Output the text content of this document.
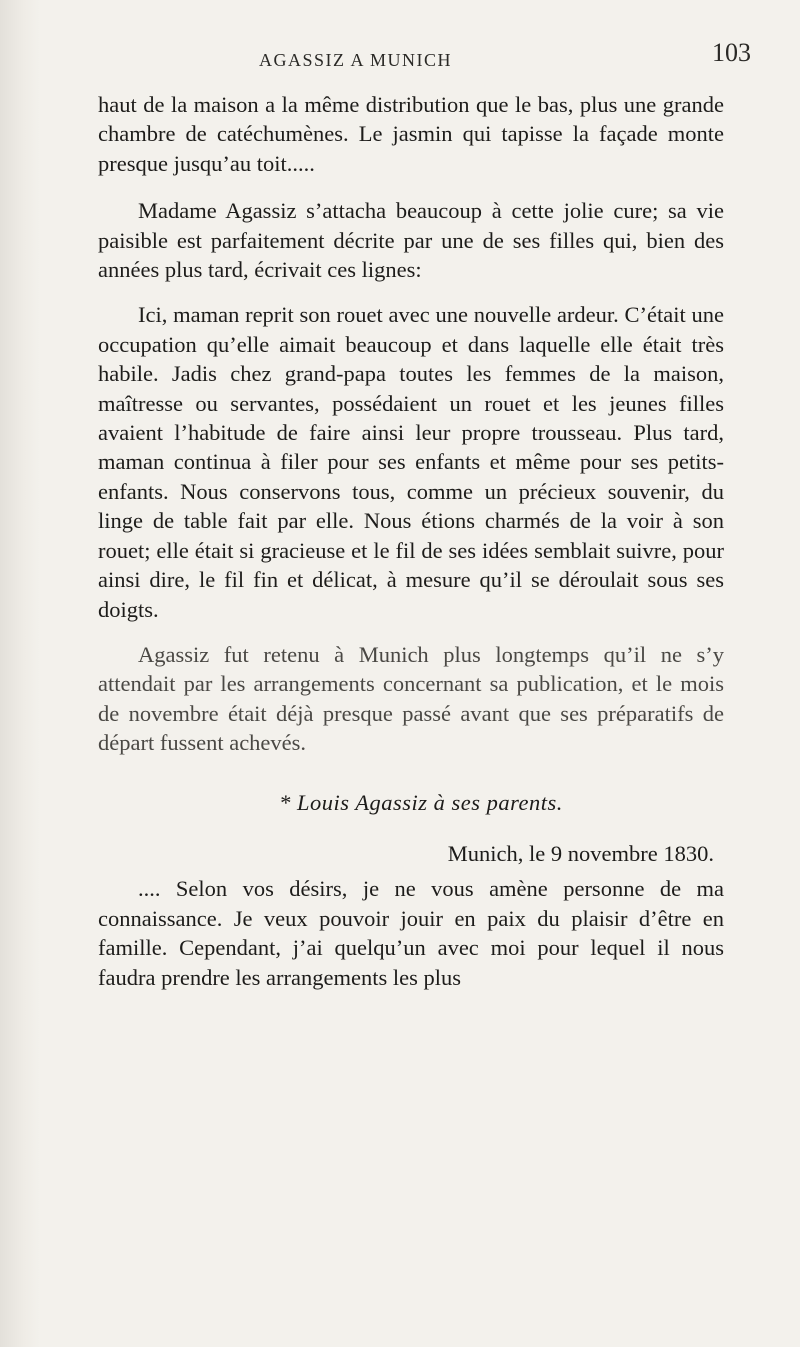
AGASSIZ A MUNICH	103

haut de la maison a la même distribution que le bas, plus une grande chambre de catéchumènes. Le jasmin qui tapisse la façade monte presque jusqu’au toit.....

Madame Agassiz s’attacha beaucoup à cette jolie cure; sa vie paisible est parfaitement décrite par une de ses filles qui, bien des années plus tard, écrivait ces lignes:

Ici, maman reprit son rouet avec une nouvelle ardeur. C’était une occupation qu’elle aimait beaucoup et dans laquelle elle était très habile. Jadis chez grand-papa toutes les femmes de la maison, maîtresse ou servantes, possédaient un rouet et les jeunes filles avaient l’habitude de faire ainsi leur propre trousseau. Plus tard, maman continua à filer pour ses enfants et même pour ses petits-enfants. Nous conservons tous, comme un précieux souvenir, du linge de table fait par elle. Nous étions charmés de la voir à son rouet; elle était si gracieuse et le fil de ses idées semblait suivre, pour ainsi dire, le fil fin et délicat, à mesure qu’il se déroulait sous ses doigts.

Agassiz fut retenu à Munich plus longtemps qu’il ne s’y attendait par les arrangements concernant sa publication, et le mois de novembre était déjà presque passé avant que ses préparatifs de départ fussent achevés.

* Louis Agassiz à ses parents.
Munich, le 9 novembre 1830.

.... Selon vos désirs, je ne vous amène personne de ma connaissance. Je veux pouvoir jouir en paix du plaisir d’être en famille. Cependant, j’ai quelqu’un avec moi pour lequel il nous faudra prendre les arrangements les plus
